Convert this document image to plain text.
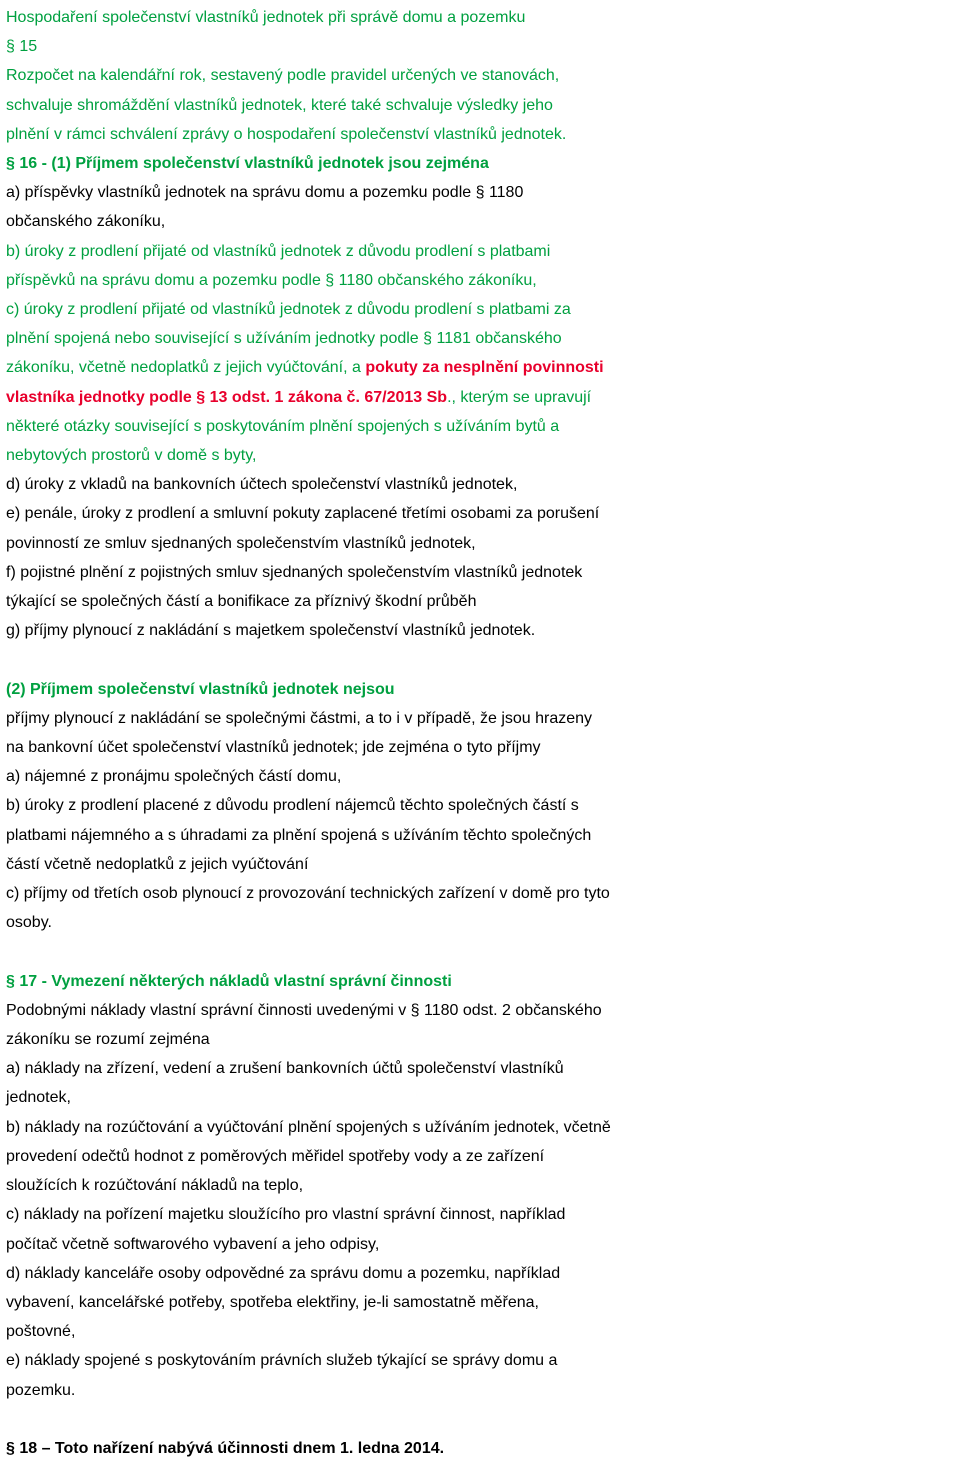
Hospodaření společenství vlastníků jednotek při správě domu a pozemku
§ 15
Rozpočet na kalendářní rok, sestavený podle pravidel určených ve stanovách,
schvaluje shromáždění vlastníků jednotek, které také schvaluje výsledky jeho
plnění v rámci schválení zprávy o hospodaření společenství vlastníků jednotek.
§ 16 - (1) Příjmem společenství vlastníků jednotek jsou zejména
a) příspěvky vlastníků jednotek na správu domu a pozemku podle § 1180
občanského zákoníku,
b) úroky z prodlení přijaté od vlastníků jednotek z důvodu prodlení s platbami
příspěvků na správu domu a pozemku podle § 1180 občanského zákoníku,
c) úroky z prodlení přijaté od vlastníků jednotek z důvodu prodlení s platbami za
plnění spojená nebo související s užíváním jednotky podle § 1181 občanského
zákoníku, včetně nedoplatků z jejich vyúčtování, a pokuty za nesplnění povinnosti
vlastníka jednotky podle § 13 odst. 1 zákona č. 67/2013 Sb., kterým se upravují
některé otázky související s poskytováním plnění spojených s užíváním bytů a
nebytových prostorů v domě s byty,
d) úroky z vkladů na bankovních účtech společenství vlastníků jednotek,
e) penále, úroky z prodlení a smluvní pokuty zaplacené třetími osobami za porušení
povinností ze smluv sjednaných společenstvím vlastníků jednotek,
f) pojistné plnění z pojistných smluv sjednaných společenstvím vlastníků jednotek
týkající se společných částí a bonifikace za příznivý škodní průběh
g) příjmy plynoucí z nakládání s majetkem společenství vlastníků jednotek.
(2) Příjmem společenství vlastníků jednotek nejsou
příjmy plynoucí z nakládání se společnými částmi, a to i v případě, že jsou hrazeny
na bankovní účet společenství vlastníků jednotek; jde zejména o tyto příjmy
a) nájemné z pronájmu společných částí domu,
b) úroky z prodlení placené z důvodu prodlení nájemců těchto společných částí s
platbami nájemného a s úhradami za plnění spojená s užíváním těchto společných
částí včetně nedoplatků z jejich vyúčtování
c) příjmy od třetích osob plynoucí z provozování technických zařízení v domě pro tyto
osoby.
§ 17 - Vymezení některých nákladů vlastní správní činnosti
Podobnými náklady vlastní správní činnosti uvedenými v § 1180 odst. 2 občanského
zákoníku se rozumí zejména
a) náklady na zřízení, vedení a zrušení bankovních účtů společenství vlastníků
jednotek,
b) náklady na rozúčtování a vyúčtování plnění spojených s užíváním jednotek, včetně
provedení odečtů hodnot z poměrových měřidel spotřeby vody a ze zařízení
sloužících k rozúčtování nákladů na teplo,
c) náklady na pořízení majetku sloužícího pro vlastní správní činnost, například
počítač včetně softwarového vybavení a jeho odpisy,
d) náklady kanceláře osoby odpovědné za správu domu a pozemku, například
vybavení, kancelářské potřeby, spotřeba elektřiny, je-li samostatně měřena,
poštovné,
e) náklady spojené s poskytováním právních služeb týkající se správy domu a
pozemku.
§ 18 – Toto nařízení nabývá účinnosti dnem 1. ledna 2014.
